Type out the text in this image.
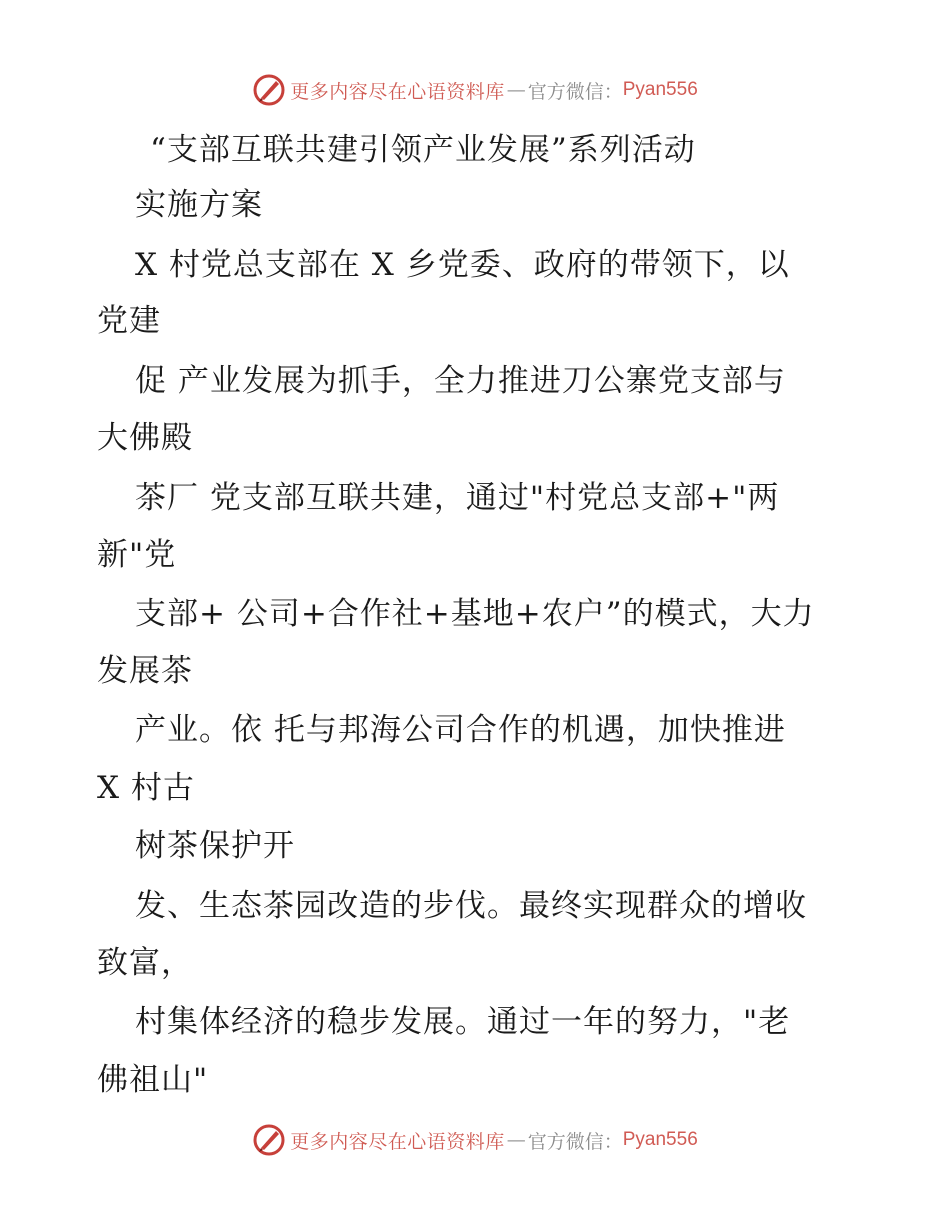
更多内容尽在心语资料库 — 官方微信： Pyan556
“支部互联共建引领产业发展”系列活动
实施方案
X 村党总支部在 X 乡党委、政府的带领下，以
党建
促 产业发展为抓手，全力推进刀公寨党支部与
大佛殿
茶厂 党支部互联共建，通过"村党总支部+"两
新"党
支部+ 公司+合作社+基地+农户”的模式，大力
发展茶
产业。依 托与邦海公司合作的机遇，加快推进
X 村古
树茶保护开
发、生态茶园改造的步伐。最终实现群众的增收
致富，
村集体经济的稳步发展。通过一年的努力，"老
佛祖山"
更多内容尽在心语资料库 — 官方微信： Pyan556
